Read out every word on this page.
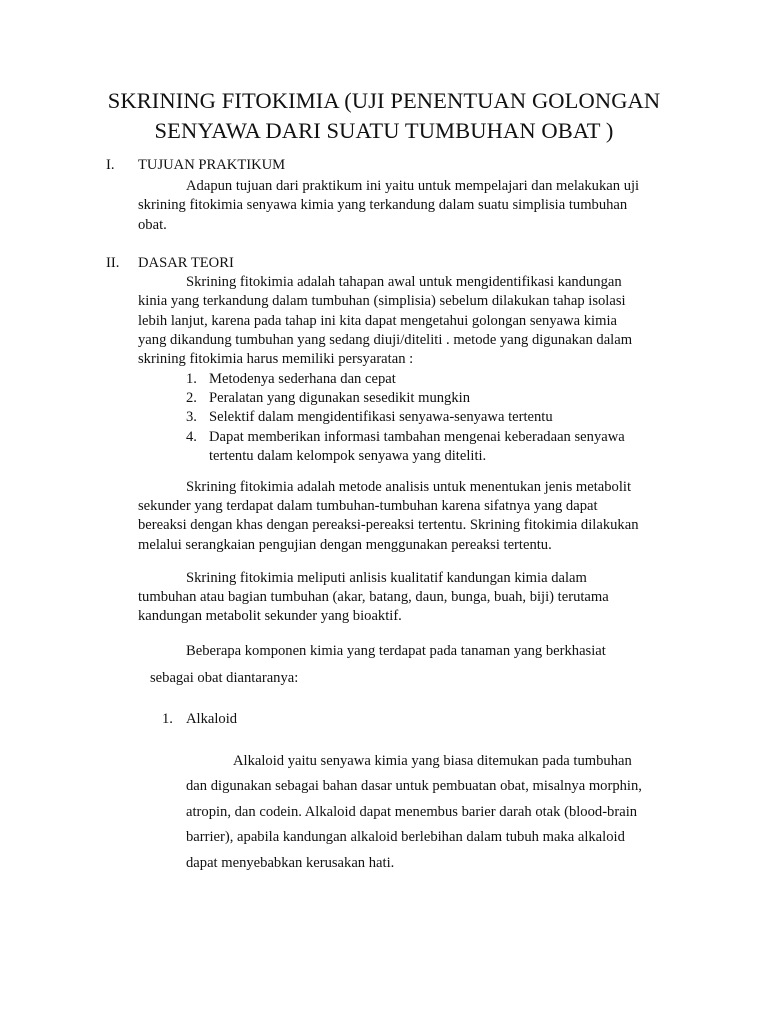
SKRINING FITOKIMIA (UJI PENENTUAN GOLONGAN
SENYAWA DARI SUATU TUMBUHAN OBAT )
I. TUJUAN PRAKTIKUM
Adapun tujuan dari praktikum ini yaitu untuk mempelajari dan melakukan uji
skrining fitokimia senyawa kimia yang terkandung dalam suatu simplisia tumbuhan
obat.
II. DASAR TEORI
Skrining fitokimia adalah tahapan awal untuk mengidentifikasi kandungan
kinia yang terkandung dalam tumbuhan (simplisia) sebelum dilakukan tahap isolasi
lebih lanjut, karena pada tahap ini kita dapat mengetahui golongan senyawa kimia
yang dikandung tumbuhan yang sedang diuji/diteliti . metode yang digunakan dalam
skrining fitokimia harus memiliki persyaratan :
1. Metodenya sederhana dan cepat
2. Peralatan yang digunakan sesedikit mungkin
3. Selektif dalam mengidentifikasi senyawa-senyawa tertentu
4. Dapat memberikan informasi tambahan mengenai keberadaan senyawa
tertentu dalam kelompok senyawa yang diteliti.
Skrining fitokimia adalah metode analisis untuk menentukan jenis metabolit
sekunder yang terdapat dalam tumbuhan-tumbuhan karena sifatnya yang dapat
bereaksi dengan khas dengan pereaksi-pereaksi tertentu. Skrining fitokimia dilakukan
melalui serangkaian pengujian dengan menggunakan pereaksi tertentu.
Skrining fitokimia meliputi anlisis kualitatif kandungan kimia dalam
tumbuhan atau bagian tumbuhan (akar, batang, daun, bunga, buah, biji) terutama
kandungan metabolit sekunder yang bioaktif.
Beberapa komponen kimia yang terdapat pada tanaman yang berkhasiat
sebagai obat diantaranya:
1. Alkaloid
Alkaloid yaitu senyawa kimia yang biasa ditemukan pada tumbuhan
dan digunakan sebagai bahan dasar untuk pembuatan obat, misalnya morphin,
atropin, dan codein. Alkaloid dapat menembus barier darah otak (blood-brain
barrier), apabila kandungan alkaloid berlebihan dalam tubuh maka alkaloid
dapat menyebabkan kerusakan hati.
